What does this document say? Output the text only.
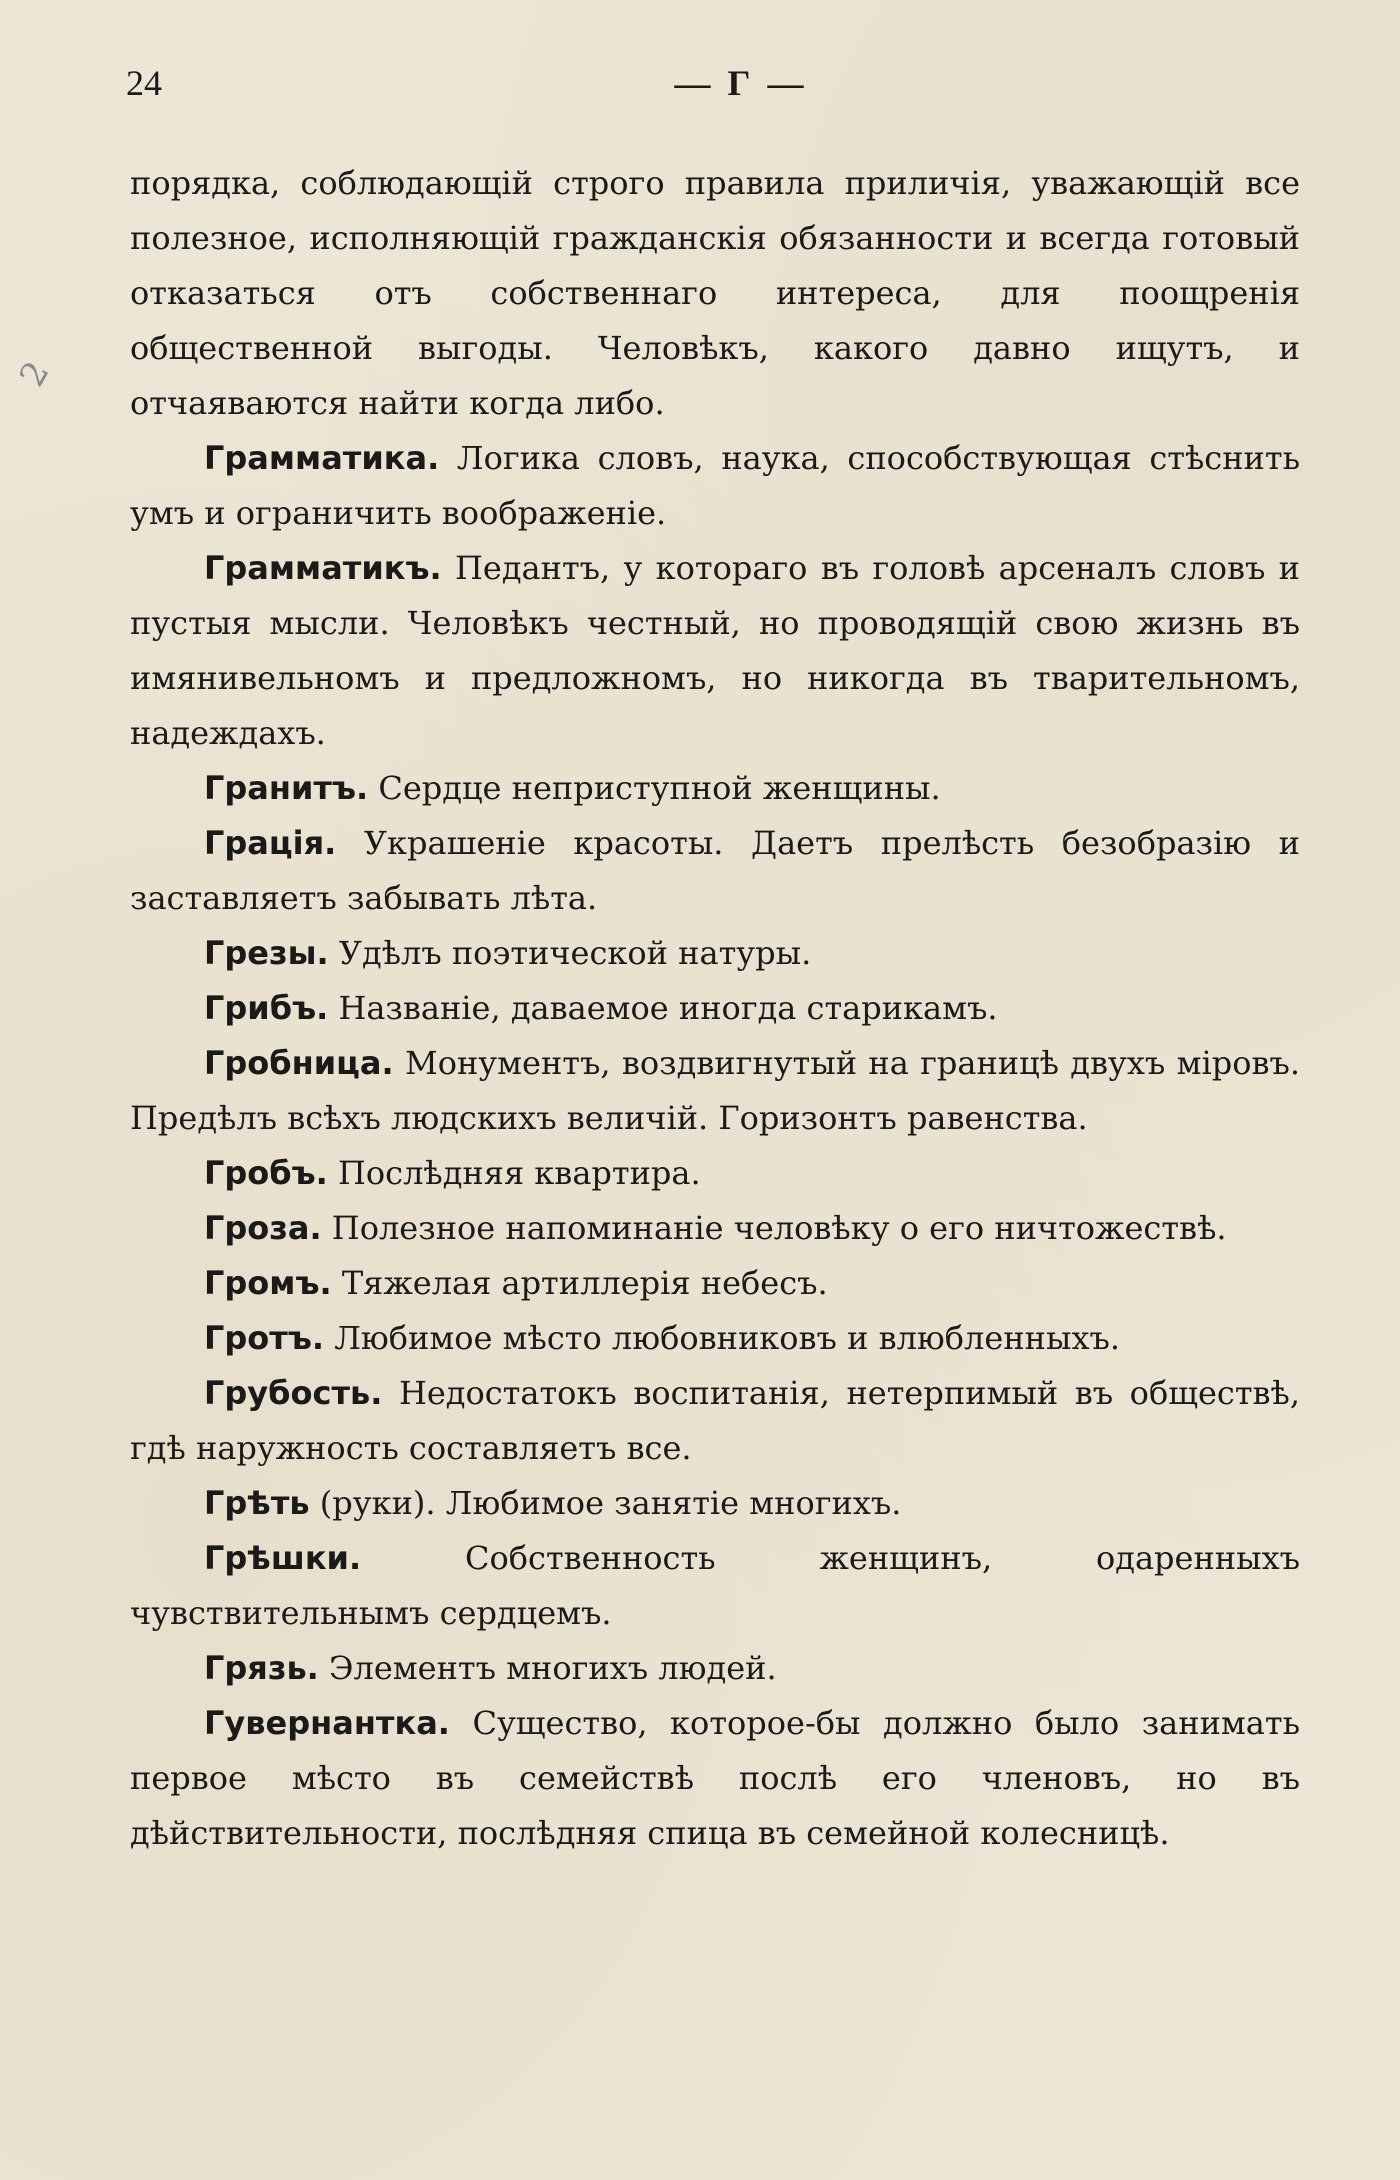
24	— Г —
2

порядка, соблюдающій строго правила приличія, уважающій все полезное, исполняющій гражданскія обязанности и всегда готовый отказаться отъ собственнаго интереса, для поощренія общественной выгоды. Человѣкъ, какого давно ищутъ, и отчаяваются найти когда либо.

Грамматика. Логика словъ, наука, способствующая стѣснить умъ и ограничить воображеніе.

Грамматикъ. Педантъ, у котораго въ головѣ арсеналъ словъ и пустыя мысли. Человѣкъ честный, но проводящій свою жизнь въ имянивельномъ и предложномъ, но никогда въ тварительномъ, надеждахъ.

Гранитъ. Сердце неприступной женщины.

Грація. Украшеніе красоты. Даетъ прелѣсть безобразію и заставляетъ забывать лѣта.

Грезы. Удѣлъ поэтической натуры.

Грибъ. Названіе, даваемое иногда старикамъ.

Гробница. Монументъ, воздвигнутый на границѣ двухъ міровъ. Предѣлъ всѣхъ людскихъ величій. Горизонтъ равенства.

Гробъ. Послѣдняя квартира.

Гроза. Полезное напоминаніе человѣку о его ничтожествѣ.

Громъ. Тяжелая артиллерія небесъ.

Гротъ. Любимое мѣсто любовниковъ и влюбленныхъ.

Грубость. Недостатокъ воспитанія, нетерпимый въ обществѣ, гдѣ наружность составляетъ все.

Грѣть (руки). Любимое занятіе многихъ.

Грѣшки. Собственность женщинъ, одаренныхъ чувствительнымъ сердцемъ.

Грязь. Элементъ многихъ людей.

Гувернантка. Существо, которое-бы должно было занимать первое мѣсто въ семействѣ послѣ его членовъ, но въ дѣйствительности, послѣдняя спица въ семейной колесницѣ.
